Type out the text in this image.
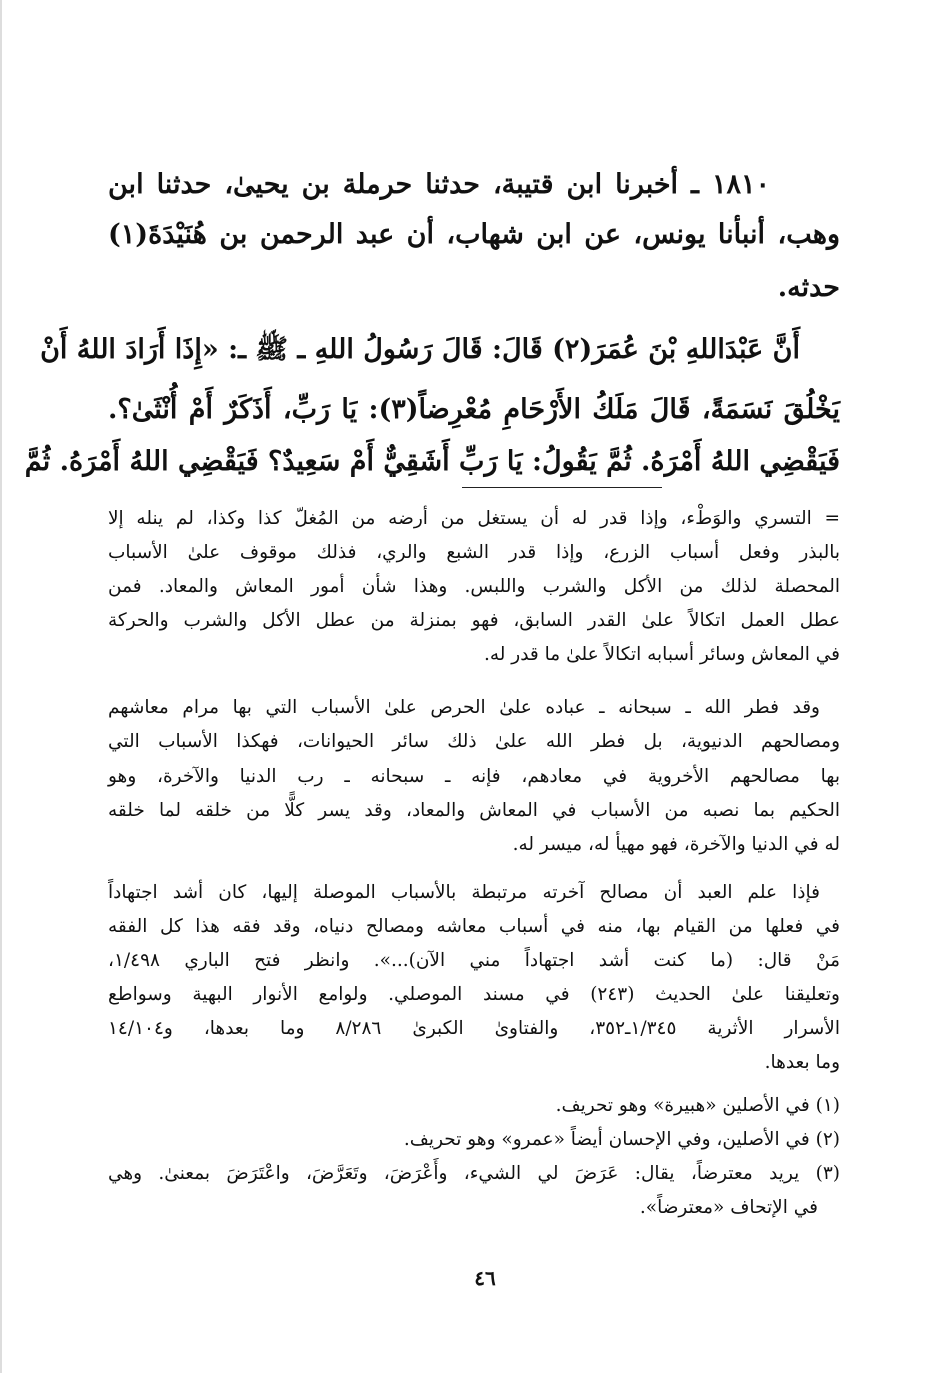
١٨١٠ ـ أخبرنا ابن قتيبة، حدثنا حرملة بن يحيىٰ، حدثنا ابن
وهب، أنبأنا يونس، عن ابن شهاب، أن عبد الرحمن بن هُنَيْدَةَ(١)
حدثه.
أَنَّ عَبْدَاللهِ بْنَ عُمَرَ(٢) قَالَ: قَالَ رَسُولُ اللهِ ـ ﷺ ـ: «إِذَا أَرَادَ اللهُ أَنْ
يَخْلُقَ نَسَمَةً، قَالَ مَلَكُ الأَرْحَامِ مُعْرِضاً(٣): يَا رَبِّ، أَذَكَرٌ أَمْ أُنْثَىٰ؟.
فَيَقْضِي اللهُ أَمْرَهُ. ثُمَّ يَقُولُ: يَا رَبِّ أَشَقِيٌّ أَمْ سَعِيدٌ؟ فَيَقْضِي اللهُ أَمْرَهُ. ثُمَّ
= التسري والوَطْء، وإذا قدر له أن يستغل من أرضه من المُغلّ كذا وكذا، لم ينله إلا
بالبذر وفعل أسباب الزرع، وإذا قدر الشبع والري، فذلك موقوف علىٰ الأسباب
المحصلة لذلك من الأكل والشرب واللبس. وهذا شأن أمور المعاش والمعاد. فمن
عطل العمل اتكالاً علىٰ القدر السابق، فهو بمنزلة من عطل الأكل والشرب والحركة
في المعاش وسائر أسبابه اتكالاً علىٰ ما قدر له.
وقد فطر الله ـ سبحانه ـ عباده علىٰ الحرص علىٰ الأسباب التي بها مرام معاشهم
ومصالحهم الدنيوية، بل فطر الله علىٰ ذلك سائر الحيوانات، فهكذا الأسباب التي
بها مصالحهم الأخروية في معادهم، فإنه ـ سبحانه ـ رب الدنيا والآخرة، وهو
الحكيم بما نصبه من الأسباب في المعاش والمعاد، وقد يسر كلًّا من خلقه لما خلقه
له في الدنيا والآخرة، فهو مهيأ له، ميسر له.
فإذا علم العبد أن مصالح آخرته مرتبطة بالأسباب الموصلة إليها، كان أشد اجتهاداً
في فعلها من القيام بها، منه في أسباب معاشه ومصالح دنياه، وقد فقه هذا كل الفقه
مَنْ قال: (ما كنت أشد اجتهاداً مني الآن)...». وانظر فتح الباري ١/٤٩٨،
وتعليقنا علىٰ الحديث (٢٤٣) في مسند الموصلي. ولوامع الأنوار البهية وسواطع
الأسرار الأثرية ١/٣٤٥ـ٣٥٢، والفتاوىٰ الكبرىٰ ٨/٢٨٦ وما بعدها، و١٤/١٠٤
وما بعدها.
(١) في الأصلين «هبيرة» وهو تحريف.
(٢) في الأصلين، وفي الإحسان أيضاً «عمرو» وهو تحريف.
(٣) يريد معترضاً، يقال: عَرَضَ لي الشيء، وأَعْرَضَ، وتَعَرَّضَ، واعْتَرَضَ بمعنىٰ. وهي
في الإتحاف «معترضاً».
٤٦
